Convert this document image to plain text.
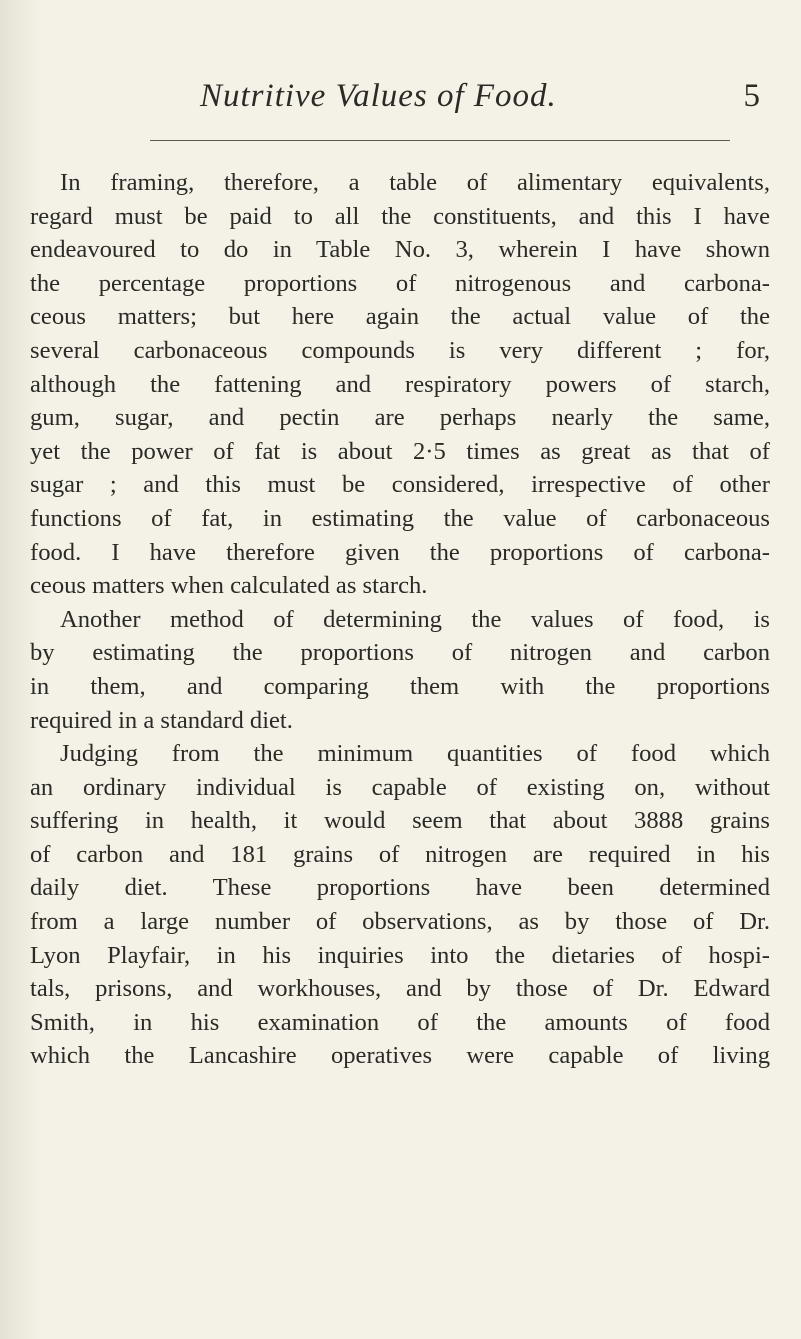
Nutritive Values of Food.	5
In framing, therefore, a table of alimentary equivalents,
regard must be paid to all the constituents, and this I have
endeavoured to do in Table No. 3, wherein I have shown
the percentage proportions of nitrogenous and carbona-
ceous matters; but here again the actual value of the
several carbonaceous compounds is very different ; for,
although the fattening and respiratory powers of starch,
gum, sugar, and pectin are perhaps nearly the same,
yet the power of fat is about 2·5 times as great as that of
sugar ; and this must be considered, irrespective of other
functions of fat, in estimating the value of carbonaceous
food. I have therefore given the proportions of carbona-
ceous matters when calculated as starch.
Another method of determining the values of food, is
by estimating the proportions of nitrogen and carbon
in them, and comparing them with the proportions
required in a standard diet.
Judging from the minimum quantities of food which
an ordinary individual is capable of existing on, without
suffering in health, it would seem that about 3888 grains
of carbon and 181 grains of nitrogen are required in his
daily diet. These proportions have been determined
from a large number of observations, as by those of Dr.
Lyon Playfair, in his inquiries into the dietaries of hospi-
tals, prisons, and workhouses, and by those of Dr. Edward
Smith, in his examination of the amounts of food
which the Lancashire operatives were capable of living
